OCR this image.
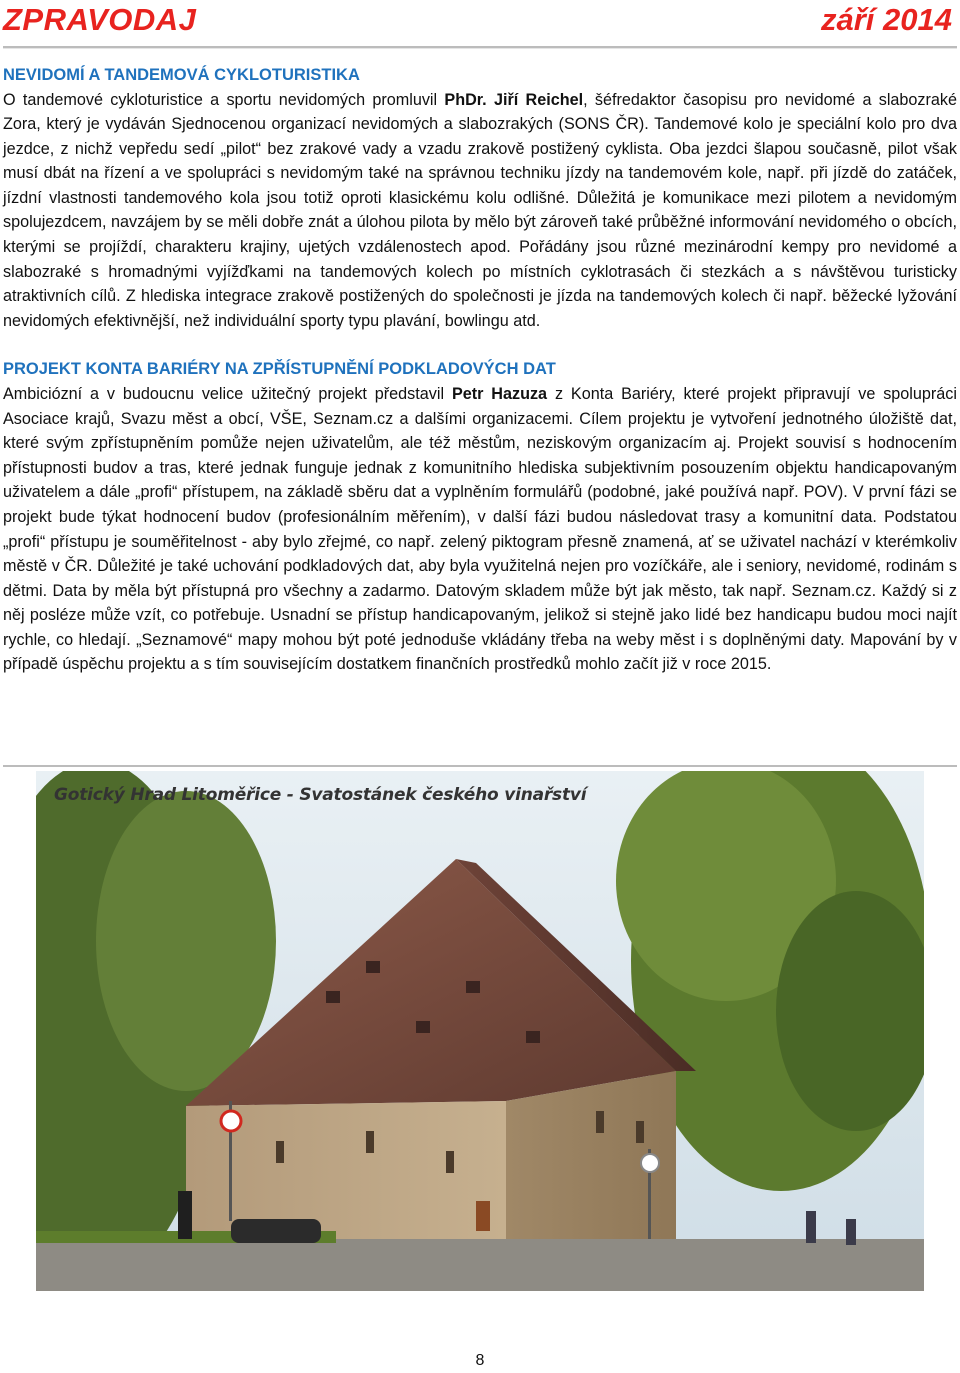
ZPRAVODAJ	září 2014
NEVIDOMÍ A TANDEMOVÁ CYKLOTURISTIKA

O tandemové cykloturistice a sportu nevidomých promluvil PhDr. Jiří Reichel, šéfredaktor časopisu pro nevidomé a slabozraké Zora, který je vydáván Sjednocenou organizací nevidomých a slabozrakých (SONS ČR). Tandemové kolo je speciální kolo pro dva jezdce, z nichž vepředu sedí „pilot“ bez zrakové vady a vzadu zrakově postižený cyklista. Oba jezdci šlapou současně, pilot však musí dbát na řízení a ve spolupráci s nevidomým také na správnou techniku jízdy na tandemovém kole, např. při jízdě do zatáček, jízdní vlastnosti tandemového kola jsou totiž oproti klasickému kolu odlišné. Důležitá je komunikace mezi pilotem a nevidomým spolujezdcem, navzájem by se měli dobře znát a úlohou pilota by mělo být zároveň také průběžné informování nevidomého o obcích, kterými se projíždí, charakteru krajiny, ujetých vzdálenostech apod. Pořádány jsou různé mezinárodní kempy pro nevidomé a slabozraké s hromadnými vyjížďkami na tandemových kolech po místních cyklotrasách či stezkách a s návštěvou turisticky atraktivních cílů. Z hlediska integrace zrakově postižených do společnosti je jízda na tandemových kolech či např. běžecké lyžování nevidomých efektivnější, než individuální sporty typu plavání, bowlingu atd.

PROJEKT KONTA BARIÉRY NA ZPŘÍSTUPNĚNÍ PODKLADOVÝCH DAT

Ambiciózní a v budoucnu velice užitečný projekt představil Petr Hazuza z Konta Bariéry, které projekt připravují ve spolupráci Asociace krajů, Svazu měst a obcí, VŠE, Seznam.cz a dalšími organizacemi. Cílem projektu je vytvoření jednotného úložiště dat, které svým zpřístupněním pomůže nejen uživatelům, ale též městům, neziskovým organizacím aj. Projekt souvisí s hodnocením přístupnosti budov a tras, které jednak funguje jednak z komunitního hlediska subjektivním posouzením objektu handicapovaným uživatelem a dále „profi“ přístupem, na základě sběru dat a vyplněním formulářů (podobné, jaké používá např. POV). V první fázi se projekt bude týkat hodnocení budov (profesionálním měřením), v další fázi budou následovat trasy a komunitní data. Podstatou „profi“ přístupu je souměřitelnost - aby bylo zřejmé, co např. zelený piktogram přesně znamená, ať se uživatel nachází v kterémkoliv městě v ČR. Důležité je také uchování podkladových dat, aby byla využitelná nejen pro vozíčkáře, ale i seniory, nevidomé, rodinám s dětmi. Data by měla být přístupná pro všechny a zadarmo. Datovým skladem může být jak město, tak např. Seznam.cz. Každý si z něj posléze může vzít, co potřebuje. Usnadní se přístup handicapovaným, jelikož si stejně jako lidé bez handicapu budou moci najít rychle, co hledají. „Seznamové“ mapy mohou být poté jednoduše vkládány třeba na weby měst i s doplněnými daty. Mapování by v případě úspěchu projektu a s tím souvisejícím dostatkem finančních prostředků mohlo začít již v roce 2015.

Gotický Hrad Litoměřice - Svatostánek českého vinařství
8
